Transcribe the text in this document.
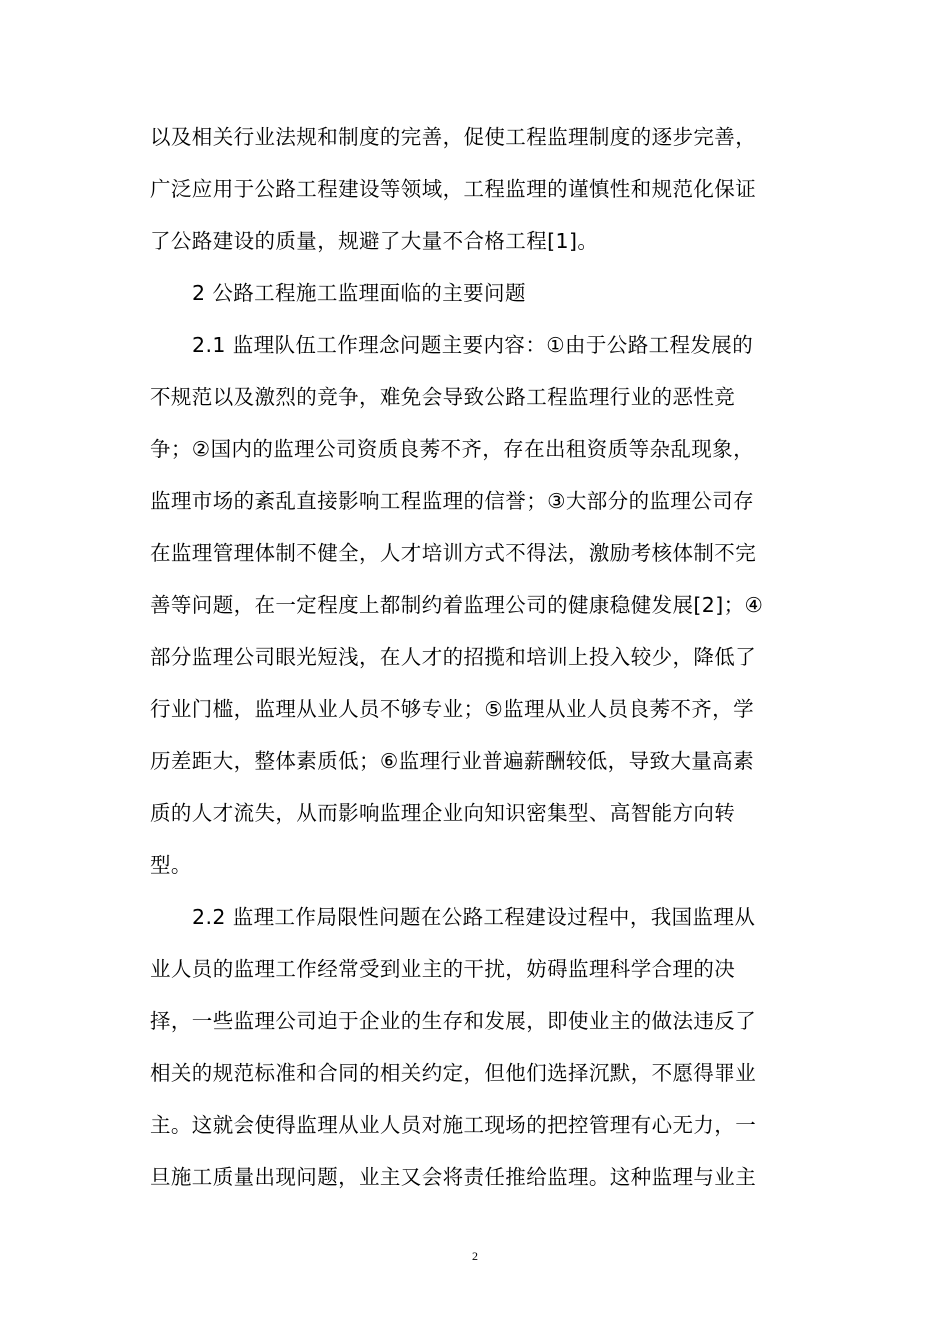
以及相关行业法规和制度的完善，促使工程监理制度的逐步完善，
广泛应用于公路工程建设等领域，工程监理的谨慎性和规范化保证
了公路建设的质量，规避了大量不合格工程[1]。
2 公路工程施工监理面临的主要问题
2.1 监理队伍工作理念问题主要内容：①由于公路工程发展的
不规范以及激烈的竞争，难免会导致公路工程监理行业的恶性竞
争；②国内的监理公司资质良莠不齐，存在出租资质等杂乱现象，
监理市场的紊乱直接影响工程监理的信誉；③大部分的监理公司存
在监理管理体制不健全，人才培训方式不得法，激励考核体制不完
善等问题，在一定程度上都制约着监理公司的健康稳健发展[2]；④
部分监理公司眼光短浅，在人才的招揽和培训上投入较少，降低了
行业门槛，监理从业人员不够专业；⑤监理从业人员良莠不齐，学
历差距大，整体素质低；⑥监理行业普遍薪酬较低，导致大量高素
质的人才流失，从而影响监理企业向知识密集型、高智能方向转
型。
2.2 监理工作局限性问题在公路工程建设过程中，我国监理从
业人员的监理工作经常受到业主的干扰，妨碍监理科学合理的决
择，一些监理公司迫于企业的生存和发展，即使业主的做法违反了
相关的规范标准和合同的相关约定，但他们选择沉默，不愿得罪业
主。这就会使得监理从业人员对施工现场的把控管理有心无力，一
旦施工质量出现问题，业主又会将责任推给监理。这种监理与业主
2
